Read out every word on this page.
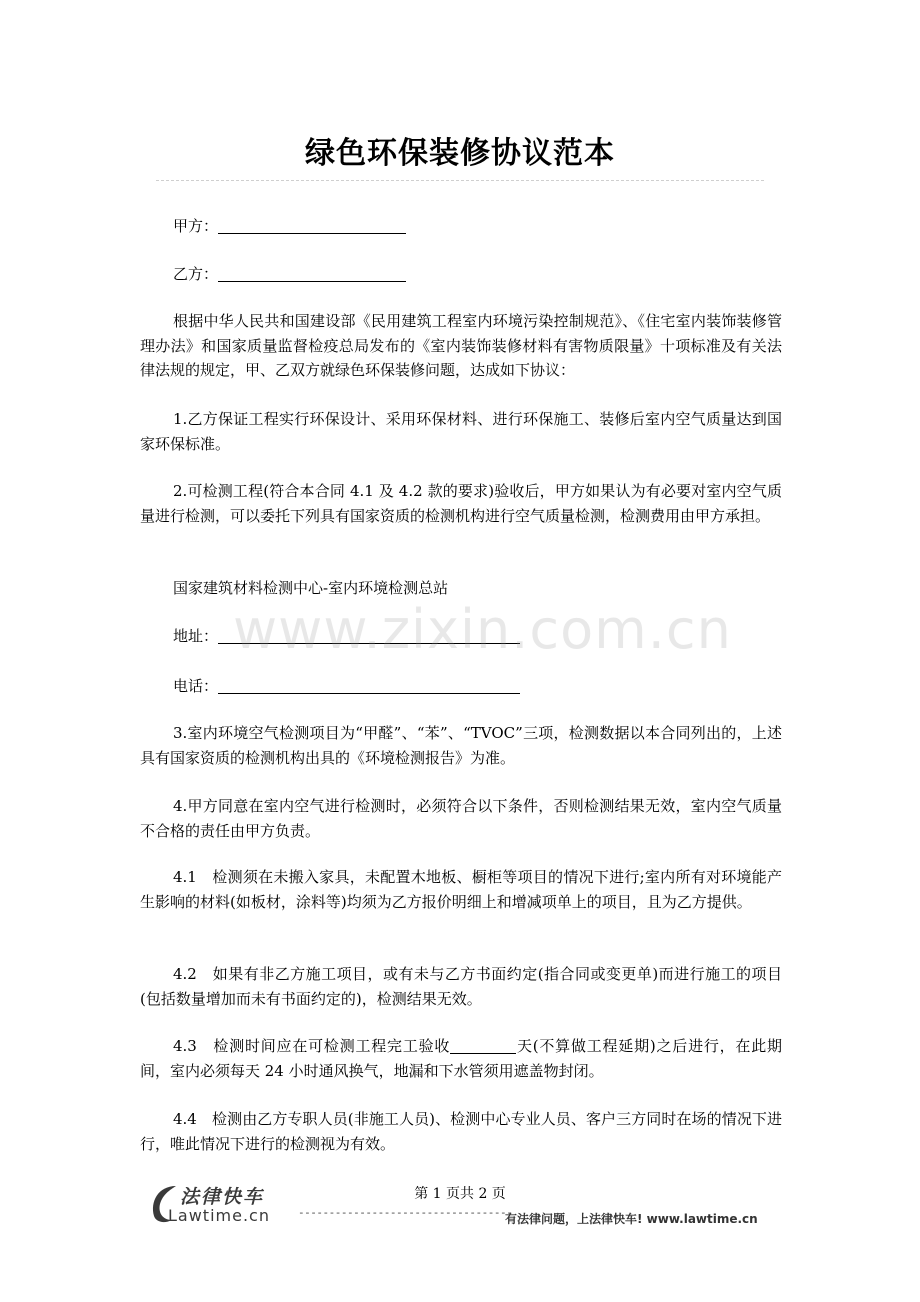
绿色环保装修协议范本
甲方：
乙方：
根据中华人民共和国建设部《民用建筑工程室内环境污染控制规范》、《住宅室内装饰装修管理办法》和国家质量监督检疫总局发布的《室内装饰装修材料有害物质限量》十项标准及有关法律法规的规定，甲、乙双方就绿色环保装修问题，达成如下协议：
1.乙方保证工程实行环保设计、采用环保材料、进行环保施工、装修后室内空气质量达到国家环保标准。
2.可检测工程(符合本合同 4.1 及 4.2 款的要求)验收后，甲方如果认为有必要对室内空气质量进行检测，可以委托下列具有国家资质的检测机构进行空气质量检测，检测费用由甲方承担。
国家建筑材料检测中心-室内环境检测总站
地址： www.zixin.com.cn
电话：
3.室内环境空气检测项目为“甲醛”、“苯”、“TVOC”三项，检测数据以本合同列出的，上述具有国家资质的检测机构出具的《环境检测报告》为准。
4.甲方同意在室内空气进行检测时，必须符合以下条件，否则检测结果无效，室内空气质量不合格的责任由甲方负责。
4.1　检测须在未搬入家具，未配置木地板、橱柜等项目的情况下进行;室内所有对环境能产生影响的材料(如板材，涂料等)均须为乙方报价明细上和增减项单上的项目，且为乙方提供。
4.2　如果有非乙方施工项目，或有未与乙方书面约定(指合同或变更单)而进行施工的项目(包括数量增加而未有书面约定的)，检测结果无效。
4.3　检测时间应在可检测工程完工验收	天(不算做工程延期)之后进行，在此期间，室内必须每天 24 小时通风换气，地漏和下水管须用遮盖物封闭。
4.4　检测由乙方专职人员(非施工人员)、检测中心专业人员、客户三方同时在场的情况下进行，唯此情况下进行的检测视为有效。
法律快车
Lawtime.cn
第 1 页共 2 页
-----------------------------------
有法律问题，上法律快车! www.lawtime.cn
